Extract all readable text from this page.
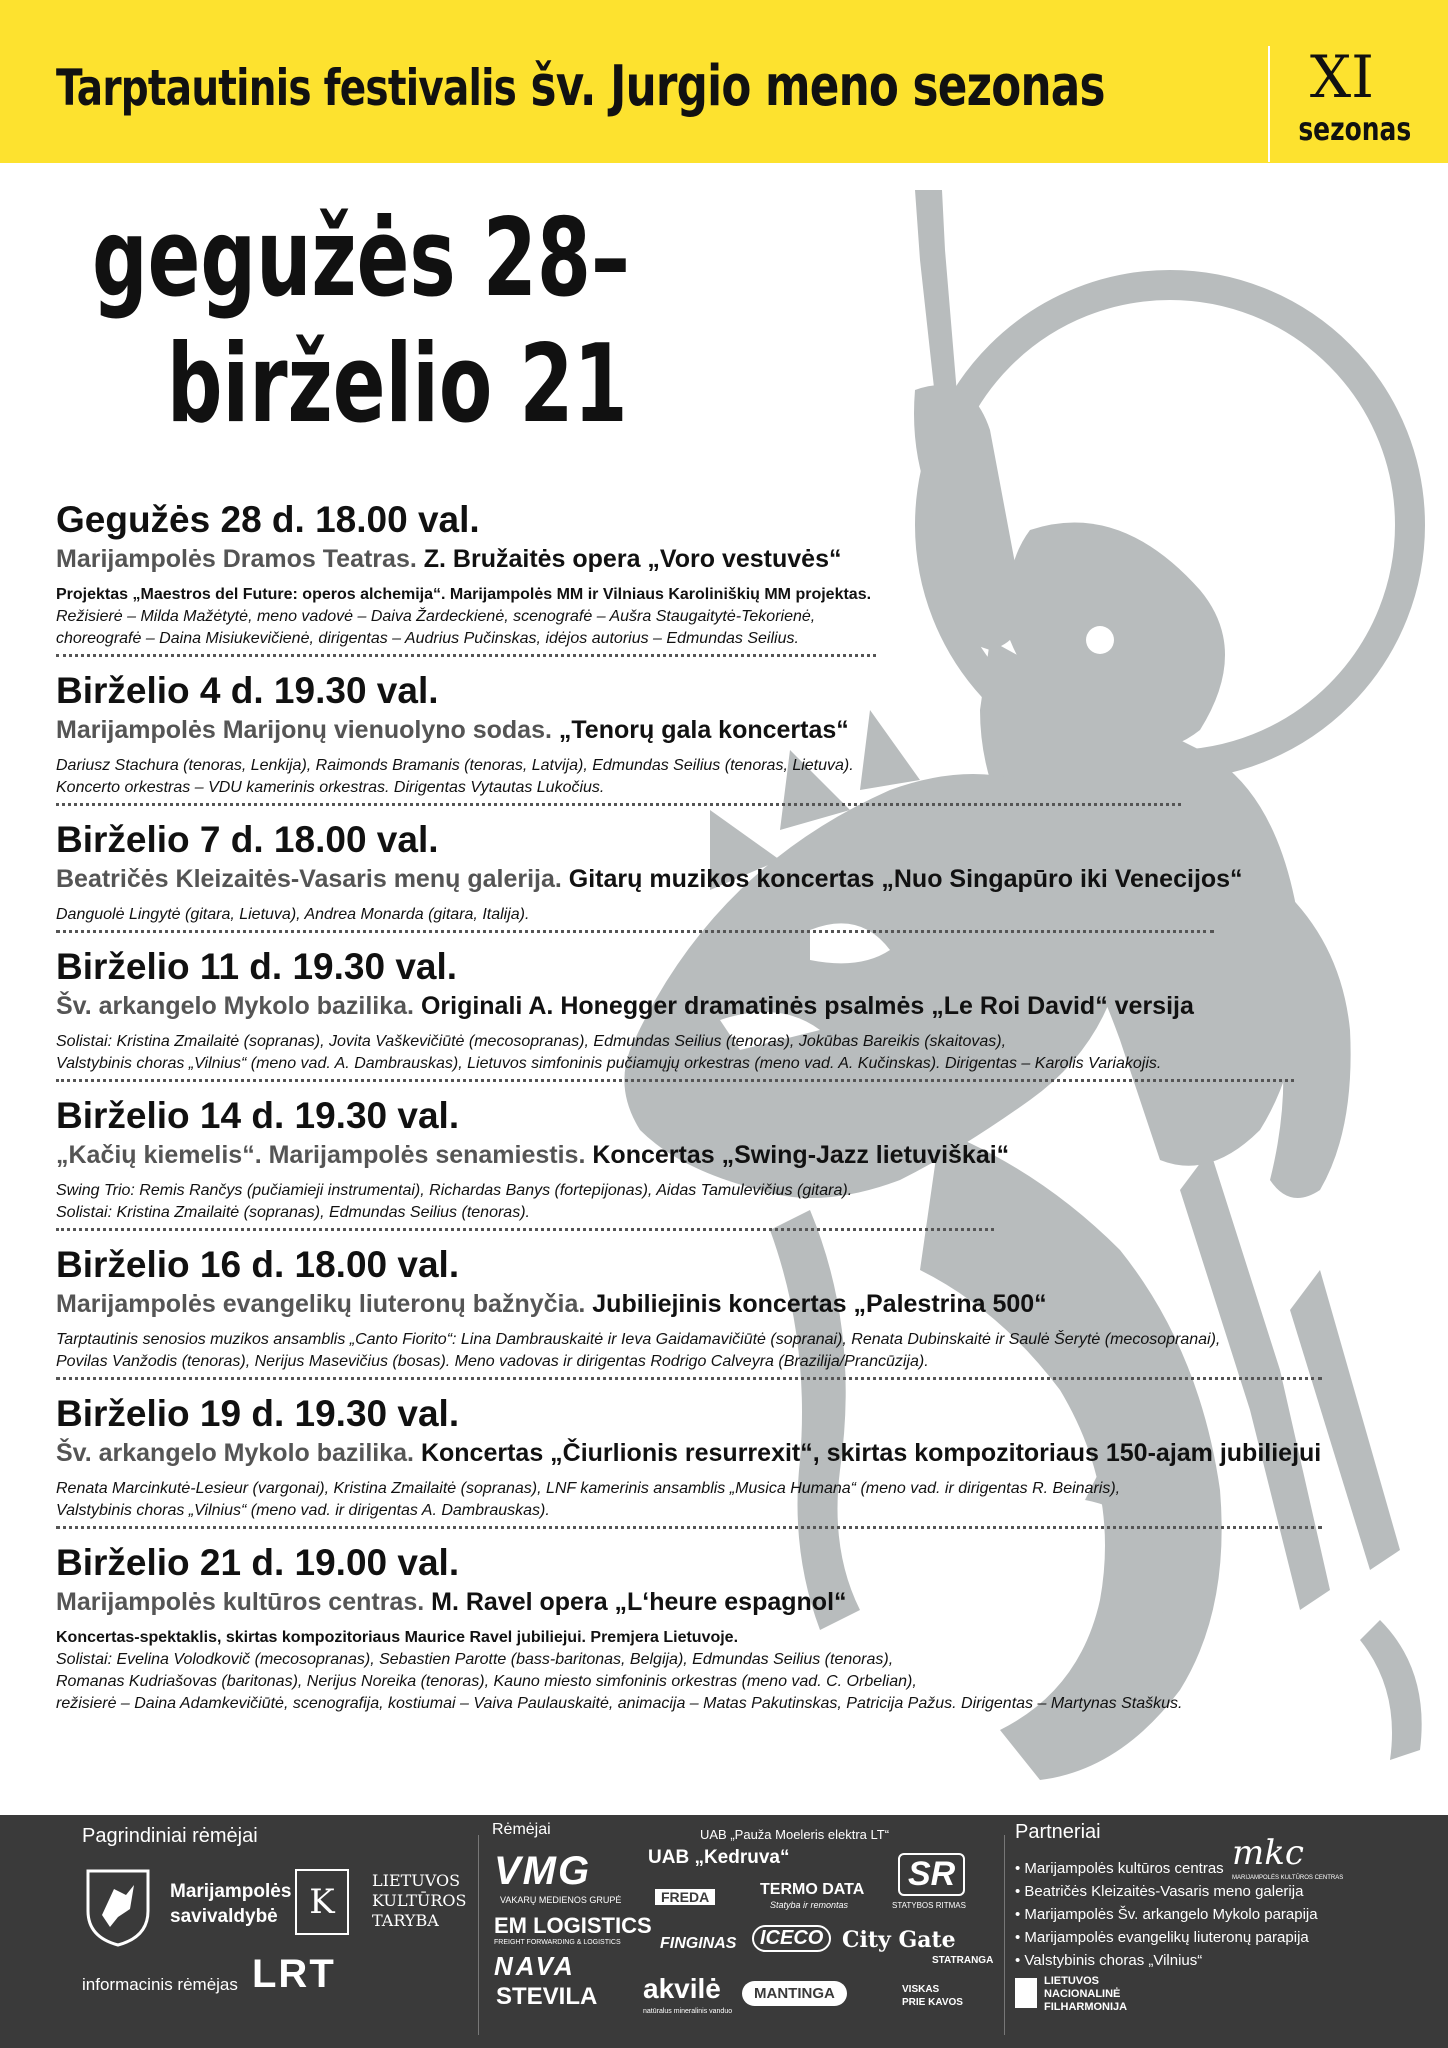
Tarptautinis festivalis šv. Jurgio meno sezonas	XI
sezonas
gegužės 28–
birželio 21
Gegužės 28 d. 18.00 val.
Marijampolės Dramos Teatras. Z. Bružaitės opera „Voro vestuvės“
Projektas „Maestros del Future: operos alchemija“. Marijampolės MM ir Vilniaus Karoliniškių MM projektas.
Režisierė – Milda Mažėtytė, meno vadovė – Daiva Žardeckienė, scenografė – Aušra Staugaitytė-Tekorienė,
choreografė – Daina Misiukevičienė, dirigentas – Audrius Pučinskas, idėjos autorius – Edmundas Seilius.
Birželio 4 d. 19.30 val.
Marijampolės Marijonų vienuolyno sodas. „Tenorų gala koncertas“
Dariusz Stachura (tenoras, Lenkija), Raimonds Bramanis (tenoras, Latvija), Edmundas Seilius (tenoras, Lietuva).
Koncerto orkestras – VDU kamerinis orkestras. Dirigentas Vytautas Lukočius.
Birželio 7 d. 18.00 val.
Beatričės Kleizaitės-Vasaris menų galerija. Gitarų muzikos koncertas „Nuo Singapūro iki Venecijos“
Danguolė Lingytė (gitara, Lietuva), Andrea Monarda (gitara, Italija).
Birželio 11 d. 19.30 val.
Šv. arkangelo Mykolo bazilika. Originali A. Honegger dramatinės psalmės „Le Roi David“ versija
Solistai: Kristina Zmailaitė (sopranas), Jovita Vaškevičiūtė (mecosopranas), Edmundas Seilius (tenoras), Jokūbas Bareikis (skaitovas),
Valstybinis choras „Vilnius“ (meno vad. A. Dambrauskas), Lietuvos simfoninis pučiamųjų orkestras (meno vad. A. Kučinskas). Dirigentas – Karolis Variakojis.
Birželio 14 d. 19.30 val.
„Kačių kiemelis“. Marijampolės senamiestis. Koncertas „Swing-Jazz lietuviškai“
Swing Trio: Remis Rančys (pučiamieji instrumentai), Richardas Banys (fortepijonas), Aidas Tamulevičius (gitara).
Solistai: Kristina Zmailaitė (sopranas), Edmundas Seilius (tenoras).
Birželio 16 d. 18.00 val.
Marijampolės evangelikų liuteronų bažnyčia. Jubiliejinis koncertas „Palestrina 500“
Tarptautinis senosios muzikos ansamblis „Canto Fiorito“: Lina Dambrauskaitė ir Ieva Gaidamavičiūtė (sopranai), Renata Dubinskaitė ir Saulė Šerytė (mecosopranai),
Povilas Vanžodis (tenoras), Nerijus Masevičius (bosas). Meno vadovas ir dirigentas Rodrigo Calveyra (Brazilija/Prancūzija).
Birželio 19 d. 19.30 val.
Šv. arkangelo Mykolo bazilika. Koncertas „Čiurlionis resurrexit“, skirtas kompozitoriaus 150-ajam jubiliejui
Renata Marcinkutė-Lesieur (vargonai), Kristina Zmailaitė (sopranas), LNF kamerinis ansamblis „Musica Humana“ (meno vad. ir dirigentas R. Beinaris),
Valstybinis choras „Vilnius“ (meno vad. ir dirigentas A. Dambrauskas).
Birželio 21 d. 19.00 val.
Marijampolės kultūros centras. M. Ravel opera „L‘heure espagnol“
Koncertas-spektaklis, skirtas kompozitoriaus Maurice Ravel jubiliejui. Premjera Lietuvoje.
Solistai: Evelina Volodkovič (mecosopranas), Sebastien Parotte (bass-baritonas, Belgija), Edmundas Seilius (tenoras),
Romanas Kudriašovas (baritonas), Nerijus Noreika (tenoras), Kauno miesto simfoninis orkestras (meno vad. C. Orbelian),
režisierė – Daina Adamkevičiūtė, scenografija, kostiumai – Vaiva Paulauskaitė, animacija – Matas Pakutinskas, Patricija Pažus. Dirigentas – Martynas Staškus.
Pagrindiniai rėmėjai
Marijampolės
savivaldybė K
LIETUVOS
KULTŪROS
TARYBA
informacinis rėmėjas LRT
Rėmėjai	UAB „Pauža Moeleris elektra LT“
VMG
VAKARŲ MEDIENOS GRUPĖ
UAB „Kedruva“
FREDA	TERMO DATA
Statyba ir remontas
SR
STATYBOS RITMAS
EM LOGISTICS
FREIGHT FORWARDING & LOGISTICS FINGINAS	ICECO City Gate
STATRANGA
NAVA
STEVILA akvilė
natūralus mineralinis vanduo
MANTINGA	VISKAS
PRIE KAVOS
Partneriai
• Marijampolės kultūros centras
• Beatričės Kleizaitės-Vasaris meno galerija
• Marijampolės Šv. arkangelo Mykolo parapija
• Marijampolės evangelikų liuteronų parapija
• Valstybinis choras „Vilnius“
mkc
MARIJAMPOLĖS KULTŪROS CENTRAS
LIETUVOS
NACIONALINĖ
FILHARMONIJA
